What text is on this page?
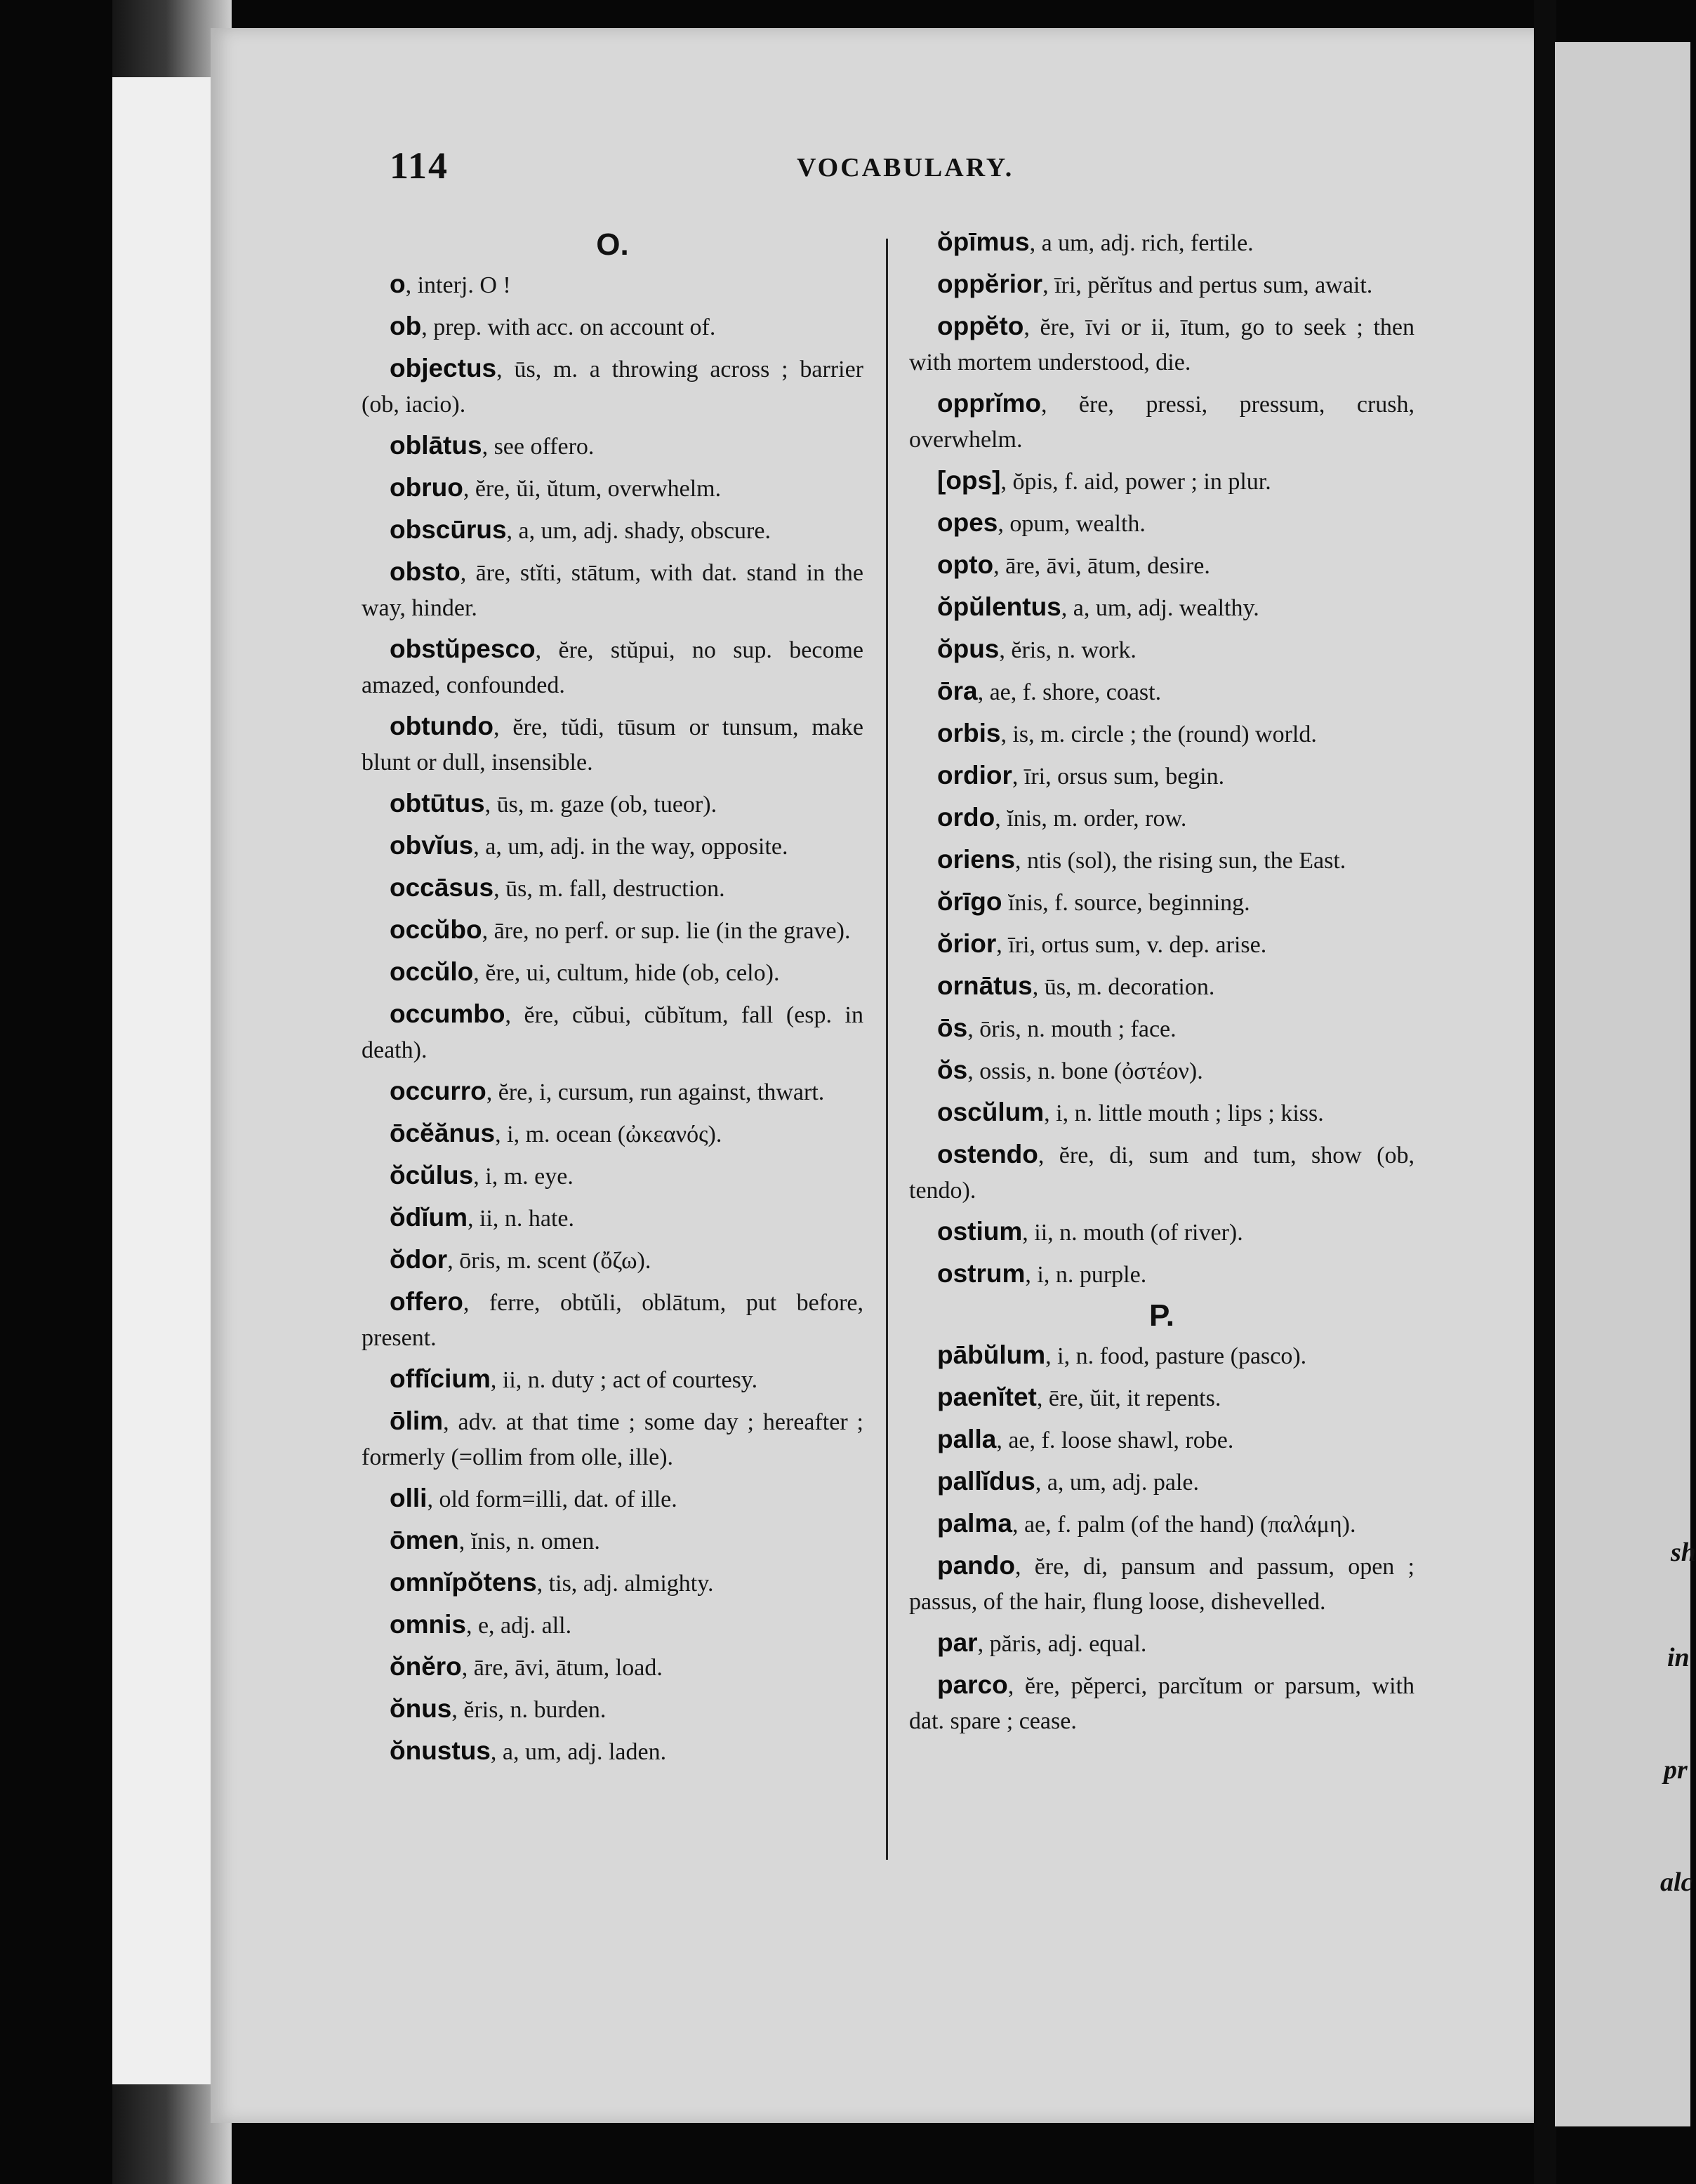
sh
in
pr
alc
114	VOCABULARY.
O.
o, interj. O !
ob, prep. with acc. on account of.
objectus, ūs, m. a throwing across ; barrier (ob, iacio).
oblātus, see offero.
obruo, ĕre, ŭi, ŭtum, overwhelm.
obscūrus, a, um, adj. shady, obscure.
obsto, āre, stĭti, stātum, with dat. stand in the way, hinder.
obstŭpesco, ĕre, stŭpui, no sup. become amazed, confounded.
obtundo, ĕre, tŭdi, tūsum or tunsum, make blunt or dull, insensible.
obtūtus, ūs, m. gaze (ob, tueor).
obvĭus, a, um, adj. in the way, opposite.
occāsus, ūs, m. fall, destruction.
occŭbo, āre, no perf. or sup. lie (in the grave).
occŭlo, ĕre, ui, cultum, hide (ob, celo).
occumbo, ĕre, cŭbui, cŭbĭtum, fall (esp. in death).
occurro, ĕre, i, cursum, run against, thwart.
ōcĕănus, i, m. ocean (ὠκεανός).
ŏcŭlus, i, m. eye.
ŏdĭum, ii, n. hate.
ŏdor, ōris, m. scent (ὄζω).
offero, ferre, obtŭli, oblātum, put before, present.
offĭcium, ii, n. duty ; act of courtesy.
ōlim, adv. at that time ; some day ; hereafter ; formerly (=ollim from olle, ille).
olli, old form=illi, dat. of ille.
ōmen, ĭnis, n. omen.
omnĭpŏtens, tis, adj. almighty.
omnis, e, adj. all.
ŏnĕro, āre, āvi, ātum, load.
ŏnus, ĕris, n. burden.
ŏnustus, a, um, adj. laden.
ŏpīmus, a um, adj. rich, fertile.
oppĕrior, īri, pĕrĭtus and pertus sum, await.
oppĕto, ĕre, īvi or ii, ītum, go to seek ; then with mortem understood, die.
opprĭmo, ĕre, pressi, pressum, crush, overwhelm.
[ops], ŏpis, f. aid, power ; in plur.
opes, opum, wealth.
opto, āre, āvi, ātum, desire.
ŏpŭlentus, a, um, adj. wealthy.
ŏpus, ĕris, n. work.
ōra, ae, f. shore, coast.
orbis, is, m. circle ; the (round) world.
ordior, īri, orsus sum, begin.
ordo, ĭnis, m. order, row.
oriens, ntis (sol), the rising sun, the East.
ŏrīgo ĭnis, f. source, beginning.
ŏrior, īri, ortus sum, v. dep. arise.
ornātus, ūs, m. decoration.
ōs, ōris, n. mouth ; face.
ŏs, ossis, n. bone (ὀστέον).
oscŭlum, i, n. little mouth ; lips ; kiss.
ostendo, ĕre, di, sum and tum, show (ob, tendo).
ostium, ii, n. mouth (of river).
ostrum, i, n. purple.
P.
pābŭlum, i, n. food, pasture (pasco).
paenĭtet, ēre, ŭit, it repents.
palla, ae, f. loose shawl, robe.
pallĭdus, a, um, adj. pale.
palma, ae, f. palm (of the hand) (παλάμη).
pando, ĕre, di, pansum and passum, open ; passus, of the hair, flung loose, dishevelled.
par, păris, adj. equal.
parco, ĕre, pĕperci, parcĭtum or parsum, with dat. spare ; cease.
